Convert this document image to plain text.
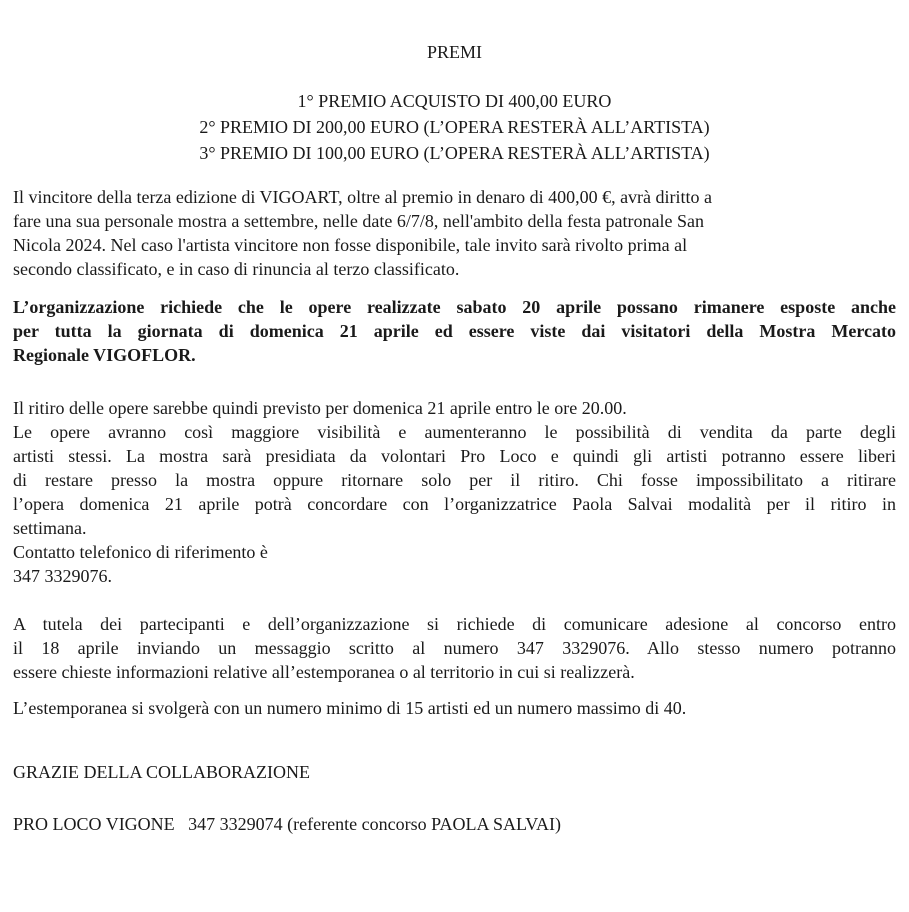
PREMI
1° PREMIO ACQUISTO DI 400,00 EURO
2° PREMIO DI 200,00 EURO (L’OPERA RESTERÀ ALL’ARTISTA)
3° PREMIO DI 100,00 EURO (L’OPERA RESTERÀ ALL’ARTISTA)
Il vincitore della terza edizione di VIGOART, oltre al premio in denaro di 400,00 €, avrà diritto a
fare una sua personale mostra a settembre, nelle date 6/7/8, nell'ambito della festa patronale San
Nicola 2024. Nel caso l'artista vincitore non fosse disponibile, tale invito sarà rivolto prima al
secondo classificato, e in caso di rinuncia al terzo classificato.
L’organizzazione richiede che le opere realizzate sabato 20 aprile possano rimanere esposte anche
per tutta la giornata di domenica 21 aprile ed essere viste dai visitatori della Mostra Mercato
Regionale VIGOFLOR.
Il ritiro delle opere sarebbe quindi previsto per domenica 21 aprile entro le ore 20.00.
Le opere avranno così maggiore visibilità e aumenteranno le possibilità di vendita da parte degli
artisti stessi. La mostra sarà presidiata da volontari Pro Loco e quindi gli artisti potranno essere liberi
di restare presso la mostra oppure ritornare solo per il ritiro. Chi fosse impossibilitato a ritirare
l’opera domenica 21 aprile potrà concordare con l’organizzatrice Paola Salvai modalità per il ritiro in
settimana.
Contatto telefonico di riferimento è
347 3329076.
A tutela dei partecipanti e dell’organizzazione si richiede di comunicare adesione al concorso entro
il 18 aprile inviando un messaggio scritto al numero 347 3329076. Allo stesso numero potranno
essere chieste informazioni relative all’estemporanea o al territorio in cui si realizzerà.
L’estemporanea si svolgerà con un numero minimo di 15 artisti ed un numero massimo di 40.
GRAZIE DELLA COLLABORAZIONE
PRO LOCO VIGONE   347 3329074 (referente concorso PAOLA SALVAI)
